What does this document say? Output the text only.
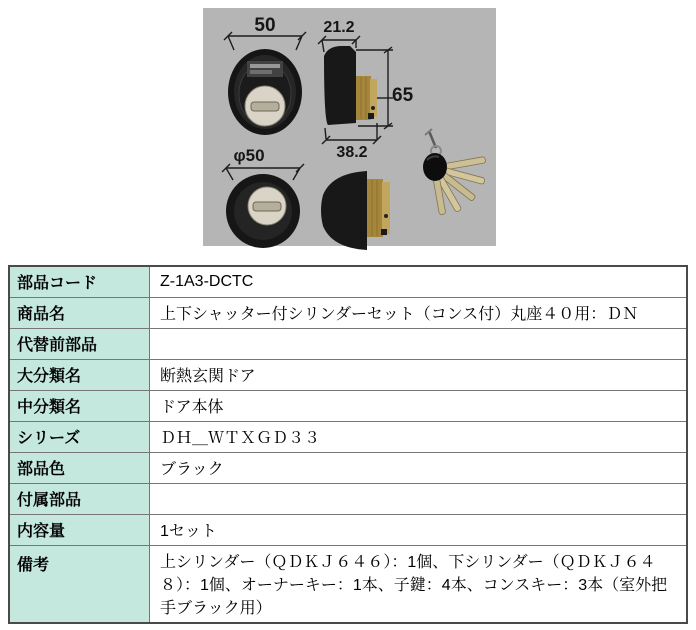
50	21.2
65
38.2
φ50
部品コード	Z-1A3-DCTC
商品名	上下シャッター付シリンダーセット（コンス付）丸座４０用：ＤＮ
代替前部品	
大分類名	断熱玄関ドア
中分類名	ドア本体
シリーズ	ＤＨ＿ＷＴＸＧＤ３３
部品色	ブラック
付属部品	
内容量	1セット
備考	上シリンダー（ＱＤＫＪ６４６）：1個、下シリンダー（ＱＤＫＪ６４８）：1個、オーナーキー：1本、子鍵：4本、コンスキー：3本（室外把手ブラック用）
